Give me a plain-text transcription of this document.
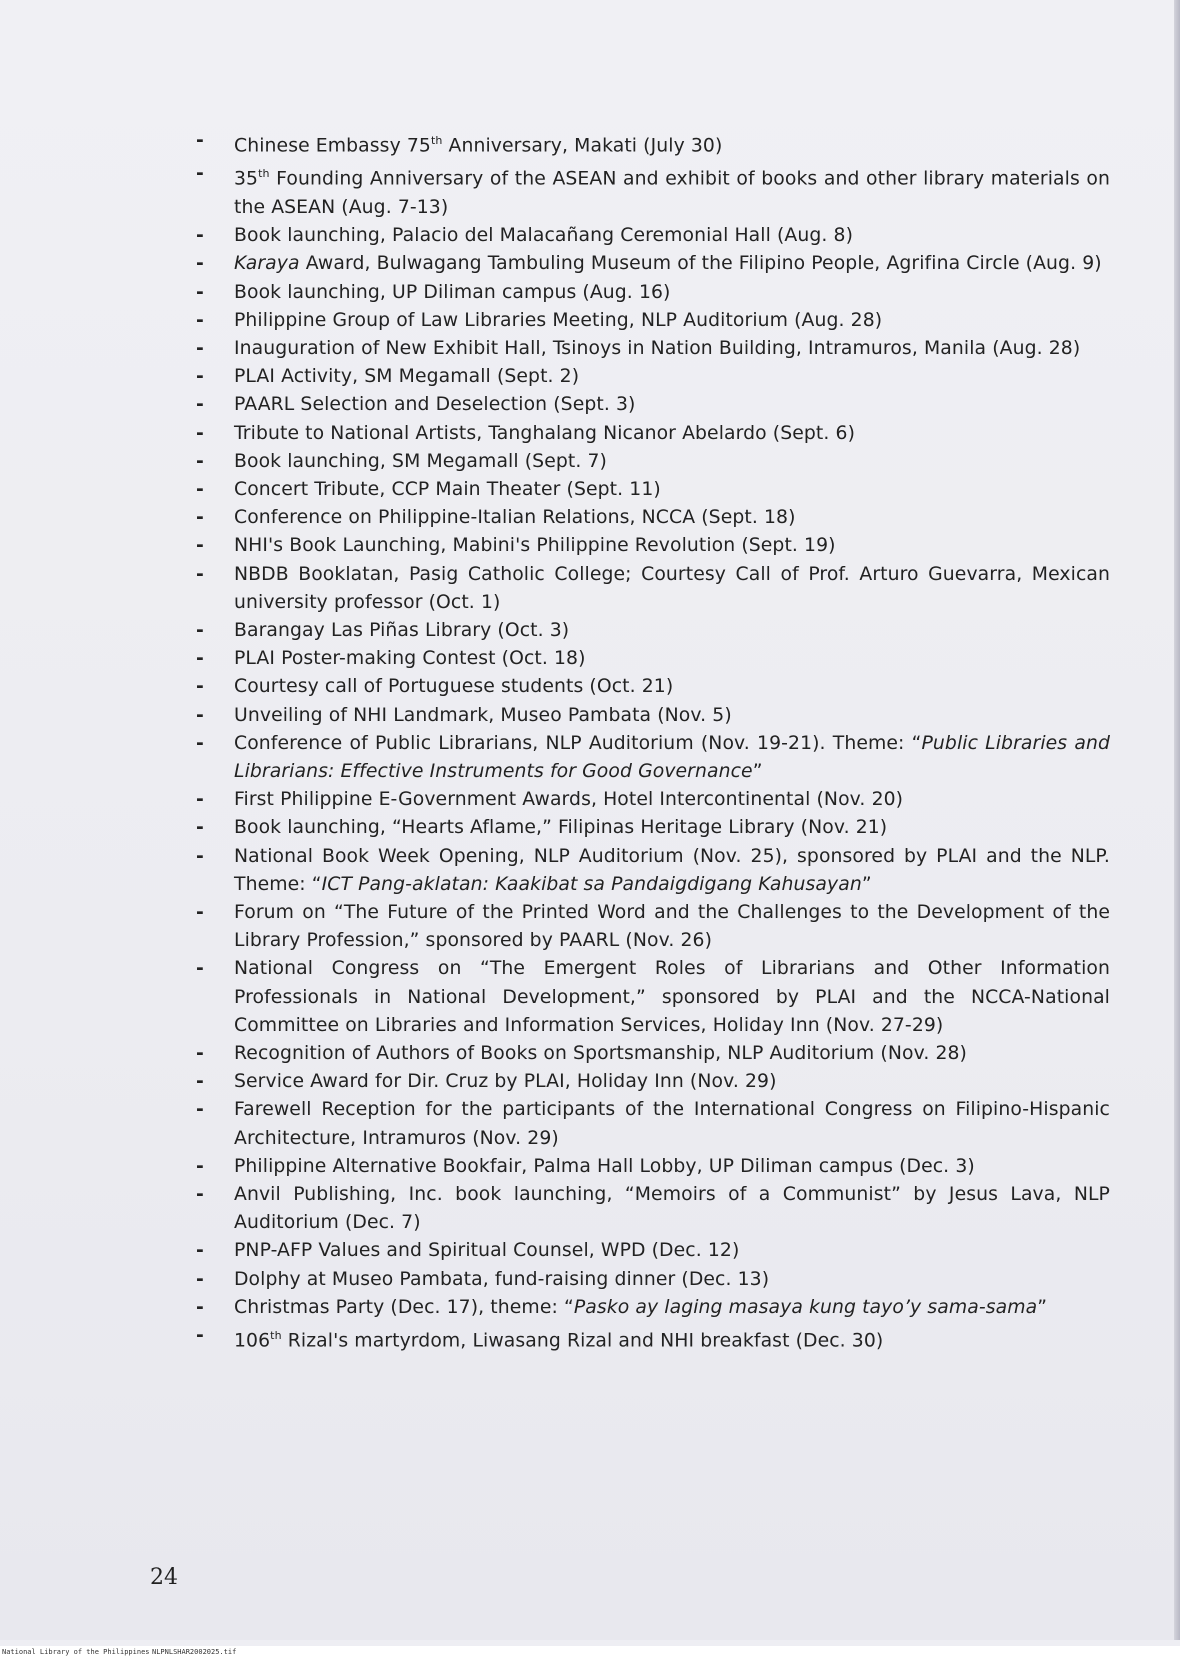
- Chinese Embassy 75th Anniversary, Makati (July 30)
- 35th Founding Anniversary of the ASEAN and exhibit of books and other library materials on the ASEAN (Aug. 7-13)
- Book launching, Palacio del Malacañang Ceremonial Hall (Aug. 8)
- Karaya Award, Bulwagang Tambuling Museum of the Filipino People, Agrifina Circle (Aug. 9)
- Book launching, UP Diliman campus (Aug. 16)
- Philippine Group of Law Libraries Meeting, NLP Auditorium (Aug. 28)
- Inauguration of New Exhibit Hall, Tsinoys in Nation Building, Intramuros, Manila (Aug. 28)
- PLAI Activity, SM Megamall (Sept. 2)
- PAARL Selection and Deselection (Sept. 3)
- Tribute to National Artists, Tanghalang Nicanor Abelardo (Sept. 6)
- Book launching, SM Megamall (Sept. 7)
- Concert Tribute, CCP Main Theater (Sept. 11)
- Conference on Philippine-Italian Relations, NCCA (Sept. 18)
- NHI's Book Launching, Mabini's Philippine Revolution (Sept. 19)
- NBDB Booklatan, Pasig Catholic College; Courtesy Call of Prof. Arturo Guevarra, Mexican university professor (Oct. 1)
- Barangay Las Piñas Library (Oct. 3)
- PLAI Poster-making Contest (Oct. 18)
- Courtesy call of Portuguese students (Oct. 21)
- Unveiling of NHI Landmark, Museo Pambata (Nov. 5)
- Conference of Public Librarians, NLP Auditorium (Nov. 19-21). Theme: “Public Libraries and Librarians: Effective Instruments for Good Governance”
- First Philippine E-Government Awards, Hotel Intercontinental (Nov. 20)
- Book launching, “Hearts Aflame,” Filipinas Heritage Library (Nov. 21)
- National Book Week Opening, NLP Auditorium (Nov. 25), sponsored by PLAI and the NLP. Theme: “ICT Pang-aklatan: Kaakibat sa Pandaigdigang Kahusayan”
- Forum on “The Future of the Printed Word and the Challenges to the Development of the Library Profession,” sponsored by PAARL (Nov. 26)
- National Congress on “The Emergent Roles of Librarians and Other Information Professionals in National Development,” sponsored by PLAI and the NCCA-National Committee on Libraries and Information Services, Holiday Inn (Nov. 27-29)
- Recognition of Authors of Books on Sportsmanship, NLP Auditorium (Nov. 28)
- Service Award for Dir. Cruz by PLAI, Holiday Inn (Nov. 29)
- Farewell Reception for the participants of the International Congress on Filipino-Hispanic Architecture, Intramuros (Nov. 29)
- Philippine Alternative Bookfair, Palma Hall Lobby, UP Diliman campus (Dec. 3)
- Anvil Publishing, Inc. book launching, “Memoirs of a Communist” by Jesus Lava, NLP Auditorium (Dec. 7)
- PNP-AFP Values and Spiritual Counsel, WPD (Dec. 12)
- Dolphy at Museo Pambata, fund-raising dinner (Dec. 13)
- Christmas Party (Dec. 17), theme: “Pasko ay laging masaya kung tayo’y sama-sama”
- 106th Rizal's martyrdom, Liwasang Rizal and NHI breakfast (Dec. 30)
24
National Library of the Philippines NLPNLSHAR2002025.tif
